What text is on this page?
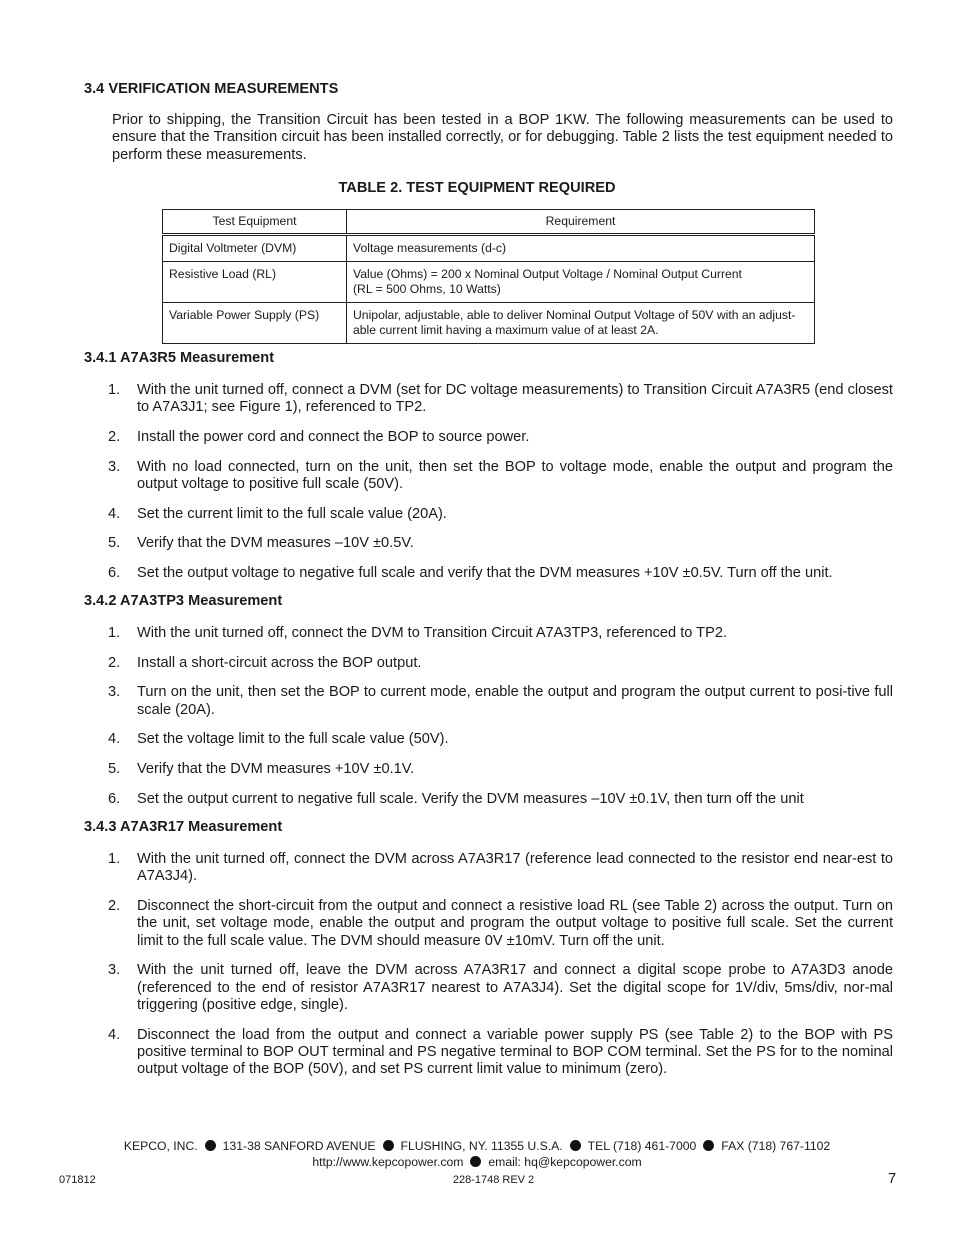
3.4 VERIFICATION MEASUREMENTS

Prior to shipping, the Transition Circuit has been tested in a BOP 1KW. The following measurements can be used to ensure that the Transition circuit has been installed correctly, or for debugging. Table 2 lists the test equipment needed to perform these measurements.

TABLE 2. TEST EQUIPMENT REQUIRED

Test Equipment	Requirement
Digital Voltmeter (DVM)	Voltage measurements (d-c)
Resistive Load (RL)	Value (Ohms) = 200 x Nominal Output Voltage / Nominal Output Current
(RL = 500 Ohms, 10 Watts)

Variable Power Supply (PS)	Unipolar, adjustable, able to deliver Nominal Output Voltage of 50V with an adjust-able current limit having a maximum value of at least 2A.
3.4.1 A7A3R5 Measurement
1.	With the unit turned off, connect a DVM (set for DC voltage measurements) to Transition Circuit A7A3R5 (end closest to A7A3J1; see Figure 1), referenced to TP2.
2.	Install the power cord and connect the BOP to source power.
3.	With no load connected, turn on the unit, then set the BOP to voltage mode, enable the output and program the output voltage to positive full scale (50V).
4.	Set the current limit to the full scale value (20A).
5.	Verify that the DVM measures –10V ±0.5V.
6.	Set the output voltage to negative full scale and verify that the DVM measures +10V ±0.5V. Turn off the unit.
3.4.2 A7A3TP3 Measurement
1.	With the unit turned off, connect the DVM to Transition Circuit A7A3TP3, referenced to TP2.
2.	Install a short-circuit across the BOP output.
3.	Turn on the unit, then set the BOP to current mode, enable the output and program the output current to posi-tive full scale (20A).
4.	Set the voltage limit to the full scale value (50V).
5.	Verify that the DVM measures +10V ±0.1V.
6.	Set the output current to negative full scale. Verify the DVM measures –10V ±0.1V, then turn off the unit
3.4.3 A7A3R17 Measurement
1.	With the unit turned off, connect the DVM across A7A3R17 (reference lead connected to the resistor end near-est to A7A3J4).
2.	Disconnect the short-circuit from the output and connect a resistive load RL (see Table 2) across the output. Turn on the unit, set voltage mode, enable the output and program the output voltage to positive full scale. Set the current limit to the full scale value. The DVM should measure 0V ±10mV. Turn off the unit.
3.	With the unit turned off, leave the DVM across A7A3R17 and connect a digital scope probe to A7A3D3 anode (referenced to the end of resistor A7A3R17 nearest to A7A3J4). Set the digital scope for 1V/div, 5ms/div, nor-mal triggering (positive edge, single).
4.	Disconnect the load from the output and connect a variable power supply PS (see Table 2) to the BOP with PS positive terminal to BOP OUT terminal and PS negative terminal to BOP COM terminal. Set the PS for to the nominal output voltage of the BOP (50V), and set PS current limit value to minimum (zero).
KEPCO, INC. 131-38 SANFORD AVENUE FLUSHING, NY. 11355 U.S.A. TEL (718) 461-7000 FAX (718) 767-1102
http://www.kepcopower.com email: hq@kepcopower.com
071812	228-1748 REV 2	7
